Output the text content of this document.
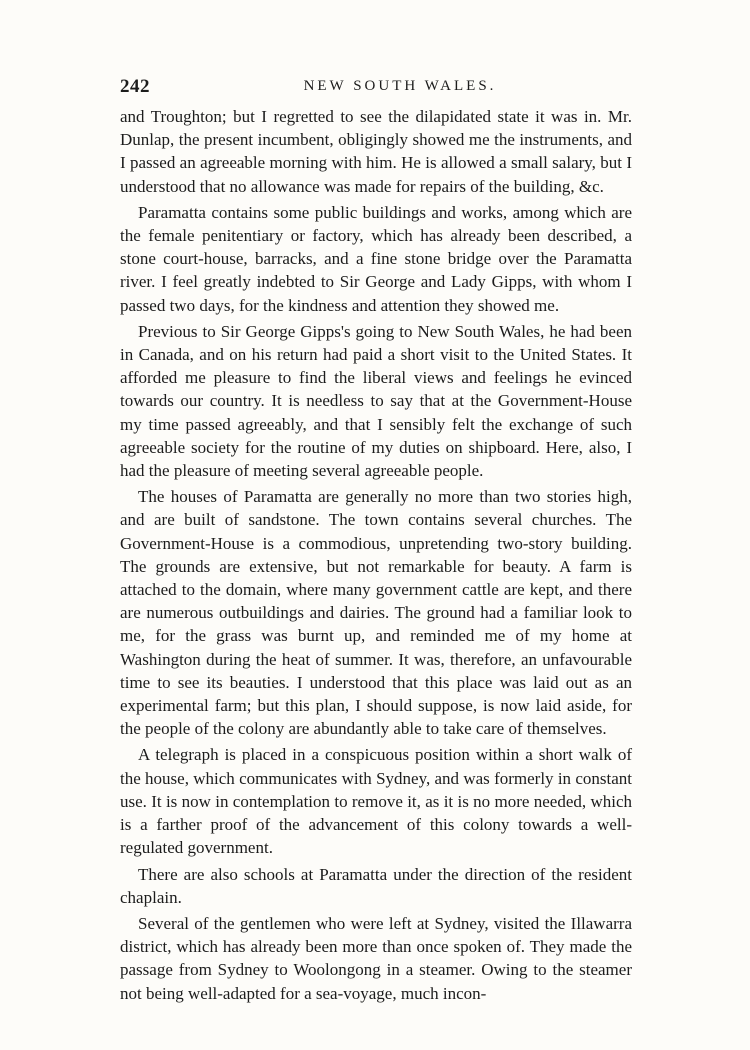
242	NEW SOUTH WALES.

and Troughton; but I regretted to see the dilapidated state it was in. Mr. Dunlap, the present incumbent, obligingly showed me the instruments, and I passed an agreeable morning with him. He is allowed a small salary, but I understood that no allowance was made for repairs of the building, &c.

Paramatta contains some public buildings and works, among which are the female penitentiary or factory, which has already been described, a stone court-house, barracks, and a fine stone bridge over the Paramatta river. I feel greatly indebted to Sir George and Lady Gipps, with whom I passed two days, for the kindness and attention they showed me.

Previous to Sir George Gipps's going to New South Wales, he had been in Canada, and on his return had paid a short visit to the United States. It afforded me pleasure to find the liberal views and feelings he evinced towards our country. It is needless to say that at the Government-House my time passed agreeably, and that I sensibly felt the exchange of such agreeable society for the routine of my duties on shipboard. Here, also, I had the pleasure of meeting several agreeable people.

The houses of Paramatta are generally no more than two stories high, and are built of sandstone. The town contains several churches. The Government-House is a commodious, unpretending two-story building. The grounds are extensive, but not remarkable for beauty. A farm is attached to the domain, where many government cattle are kept, and there are numerous outbuildings and dairies. The ground had a familiar look to me, for the grass was burnt up, and reminded me of my home at Washington during the heat of summer. It was, therefore, an unfavourable time to see its beauties. I understood that this place was laid out as an experimental farm; but this plan, I should suppose, is now laid aside, for the people of the colony are abundantly able to take care of themselves.

A telegraph is placed in a conspicuous position within a short walk of the house, which communicates with Sydney, and was formerly in constant use. It is now in contemplation to remove it, as it is no more needed, which is a farther proof of the advancement of this colony towards a well-regulated government.

There are also schools at Paramatta under the direction of the resident chaplain.

Several of the gentlemen who were left at Sydney, visited the Illawarra district, which has already been more than once spoken of. They made the passage from Sydney to Woolongong in a steamer. Owing to the steamer not being well-adapted for a sea-voyage, much incon-
